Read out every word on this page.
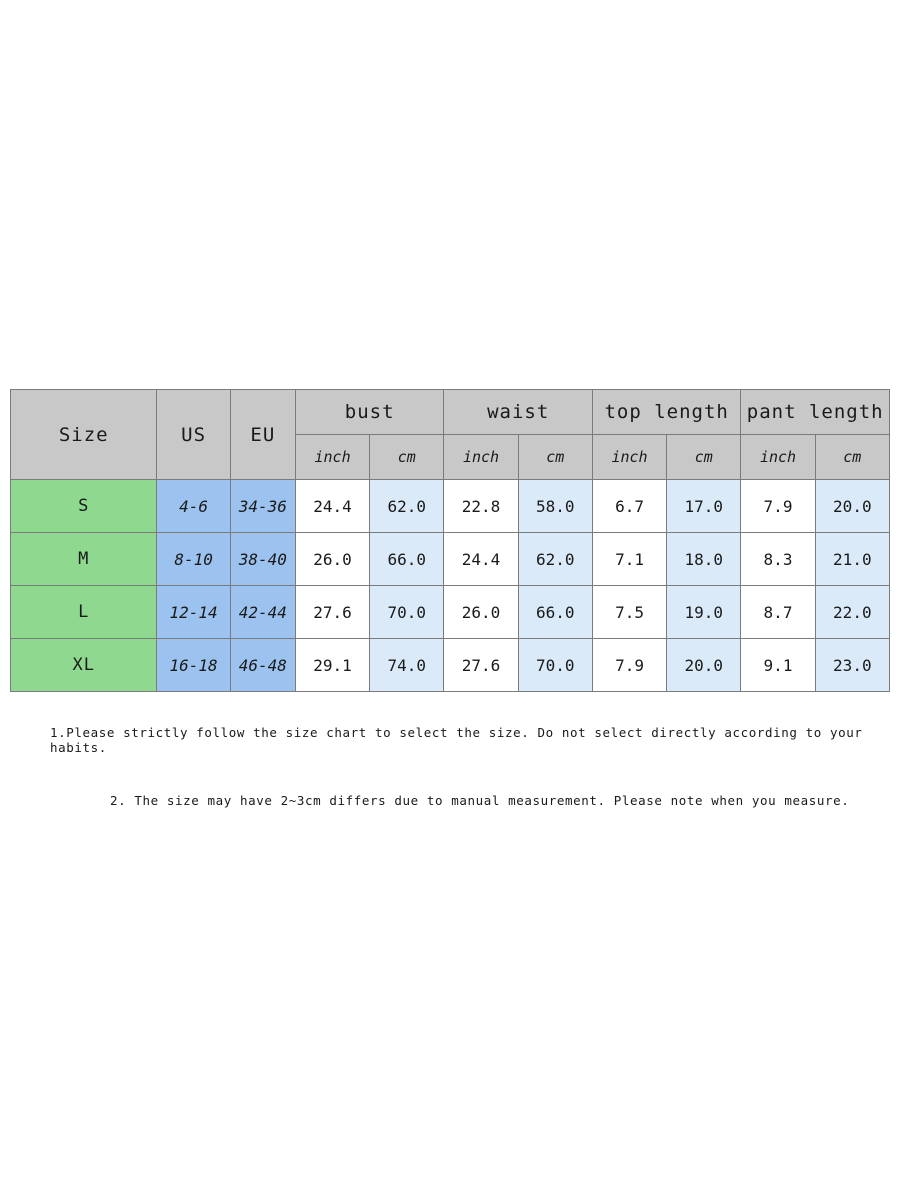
Size	US	EU	bust		waist		top length		pant length	
			inch	cm	inch	cm	inch	cm	inch	cm
S	4-6	34-36	24.4	62.0	22.8	58.0	6.7	17.0	7.9	20.0
M	8-10	38-40	26.0	66.0	24.4	62.0	7.1	18.0	8.3	21.0
L	12-14	42-44	27.6	70.0	26.0	66.0	7.5	19.0	8.7	22.0
XL	16-18	46-48	29.1	74.0	27.6	70.0	7.9	20.0	9.1	23.0
1.Please strictly follow the size chart to select the size. Do not select directly according to your habits.
2. The size may have 2~3cm differs due to manual measurement. Please note when you measure.
